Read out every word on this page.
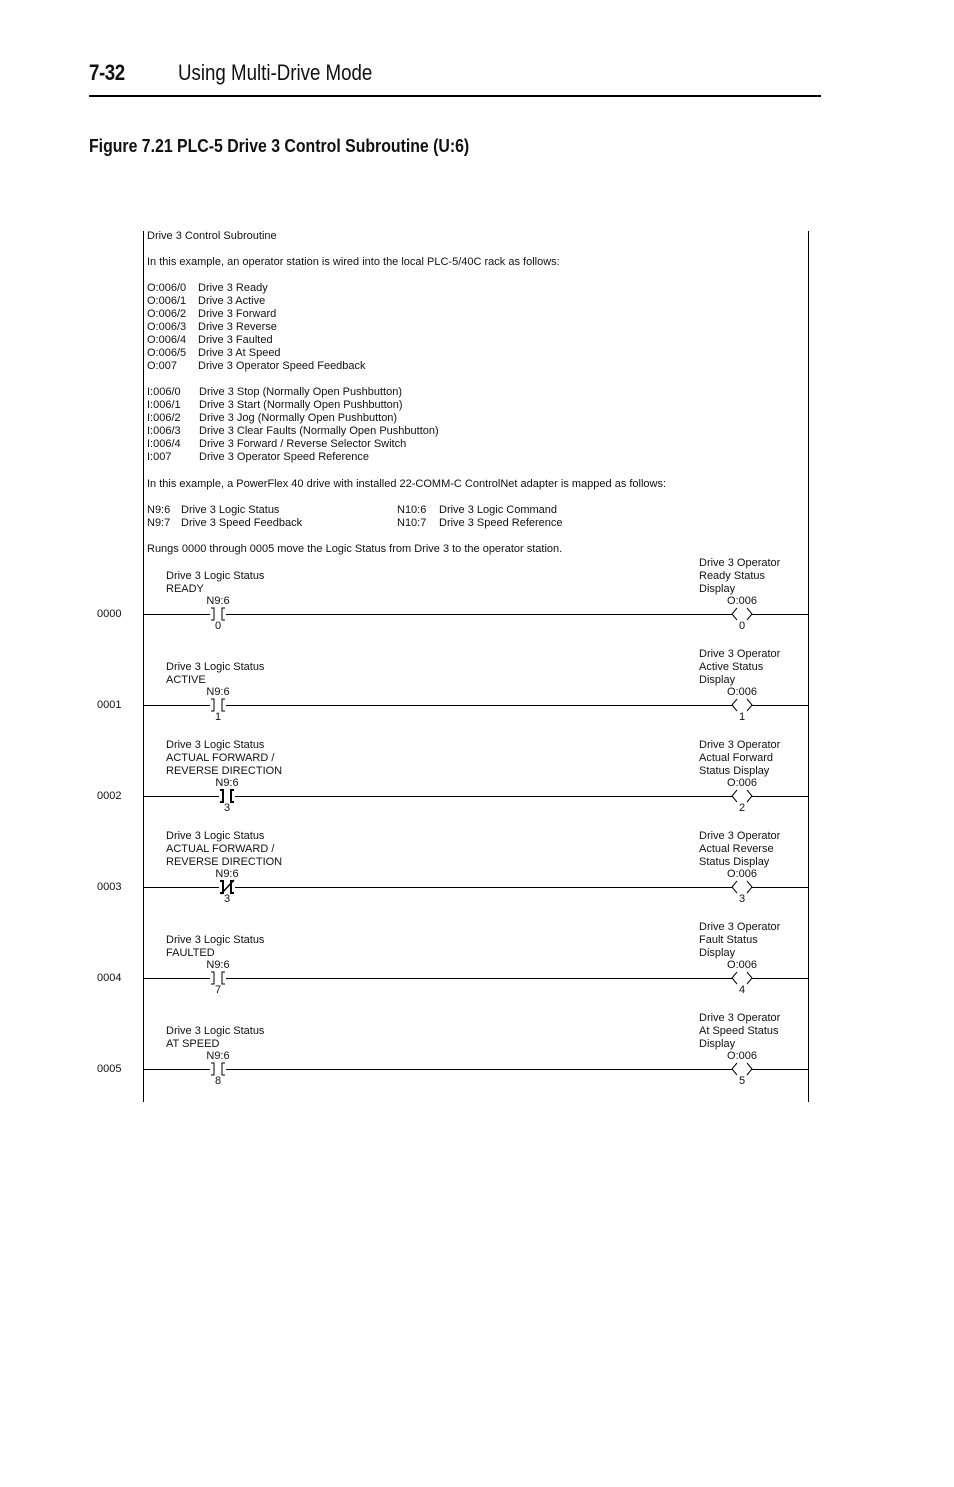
7-32 Using Multi-Drive Mode
Figure 7.21 PLC-5 Drive 3 Control Subroutine (U:6)
Drive 3 Control Subroutine
In this example, an operator station is wired into the local PLC-5/40C rack as follows:
O:006/0 Drive 3 Ready
O:006/1 Drive 3 Active
O:006/2 Drive 3 Forward
O:006/3 Drive 3 Reverse
O:006/4 Drive 3 Faulted
O:006/5 Drive 3 At Speed
O:007 Drive 3 Operator Speed Feedback
I:006/0 Drive 3 Stop (Normally Open Pushbutton)
I:006/1 Drive 3 Start (Normally Open Pushbutton)
I:006/2 Drive 3 Jog (Normally Open Pushbutton)
I:006/3 Drive 3 Clear Faults (Normally Open Pushbutton)
I:006/4 Drive 3 Forward / Reverse Selector Switch
I:007	Drive 3 Operator Speed Reference
In this example, a PowerFlex 40 drive with installed 22-COMM-C ControlNet adapter is mapped as follows:
N9:6 Drive 3 Logic Status
N9:7 Drive 3 Speed Feedback
N10:6 Drive 3 Logic Command
N10:7 Drive 3 Speed Reference
Rungs 0000 through 0005 move the Logic Status from Drive 3 to the operator station.
0000
Drive 3 Logic Status
READY
N9:6
0
Drive 3 Operator
Ready Status
Display
O:006
0
0001
Drive 3 Logic Status
ACTIVE
N9:6
1
Drive 3 Operator
Active Status
Display
O:006
1
0002
Drive 3 Logic Status
ACTUAL FORWARD /
REVERSE DIRECTION
N9:6
3
Drive 3 Operator
Actual Forward
Status Display
O:006
2
0003
Drive 3 Logic Status
ACTUAL FORWARD /
REVERSE DIRECTION
N9:6
3
Drive 3 Operator
Actual Reverse
Status Display
O:006
3
0004
Drive 3 Logic Status
FAULTED
N9:6
7
Drive 3 Operator
Fault Status
Display
O:006
4
0005
Drive 3 Logic Status
AT SPEED
N9:6
8
Drive 3 Operator
At Speed Status
Display
O:006
5
